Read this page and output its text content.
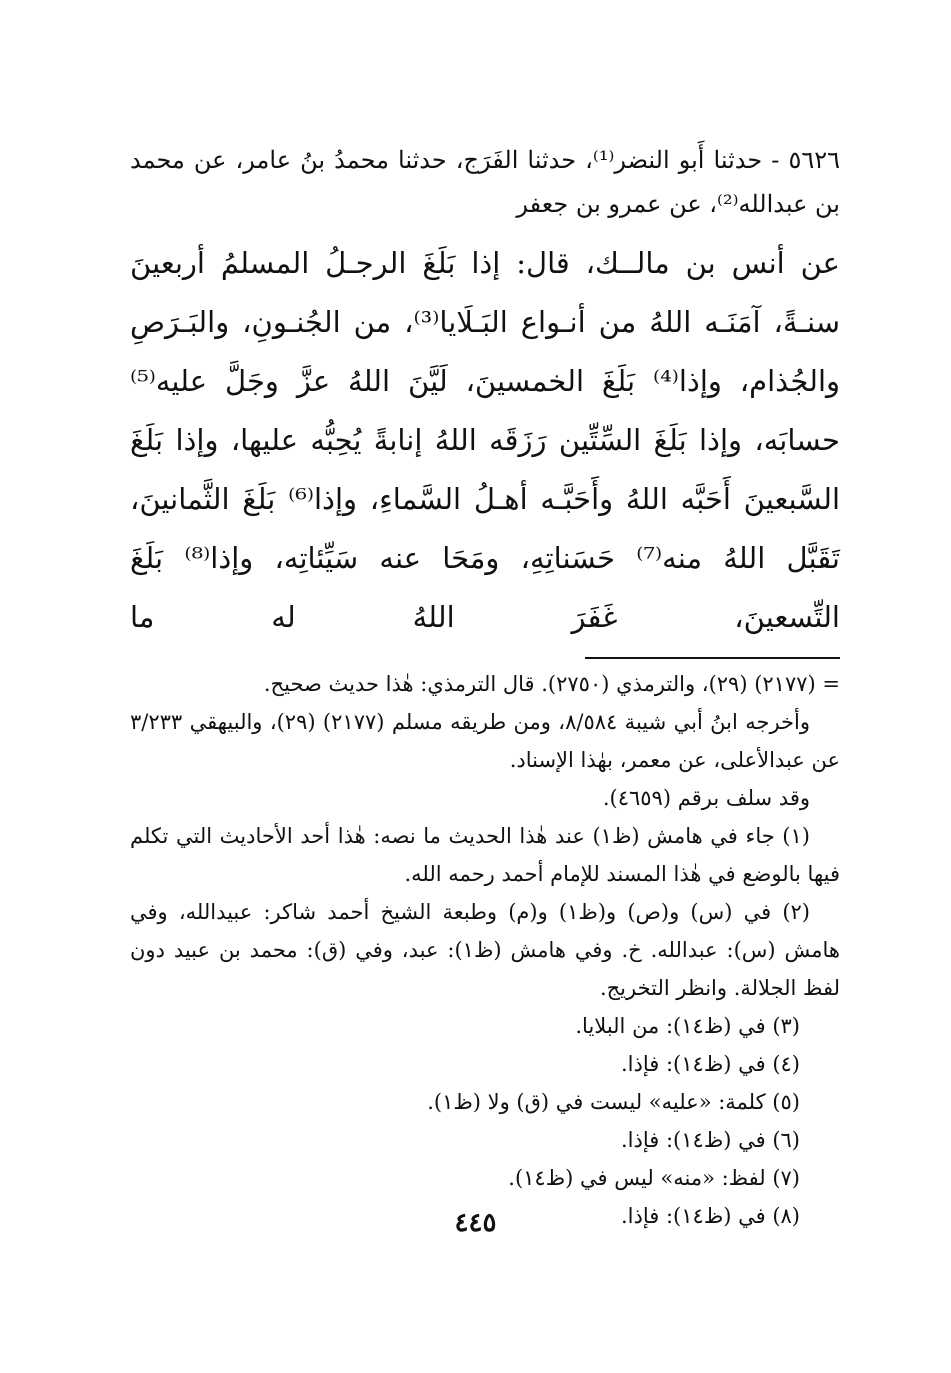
٥٦٢٦ - حدثنا أَبو النضر⁽¹⁾، حدثنا الفَرَج، حدثنا محمدُ بنُ عامر، عن محمد بن عبدالله⁽²⁾، عن عمرو بن جعفر

عن أنس بن مالــك، قال: إذا بَلَغَ الرجـلُ المسلمُ أربعينَ سنـةً، آمَنَـه اللهُ من أنـواع البَـلَايا⁽³⁾، من الجُنـونِ، والبَـرَصِ والجُذام، وإذا⁽⁴⁾ بَلَغَ الخمسينَ، لَيَّنَ اللهُ عزَّ وجَلَّ عليه⁽⁵⁾ حسابَه، وإذا بَلَغَ السِّتِّين رَزَقَه اللهُ إنابةً يُحِبُّه عليها، وإذا بَلَغَ السَّبعينَ أَحَبَّه اللهُ وأَحَبَّـه أهـلُ السَّماءِ، وإذا⁽⁶⁾ بَلَغَ الثَّمانينَ، تَقَبَّل اللهُ منه⁽⁷⁾ حَسَناتِهِ، ومَحَا عنه سَيِّئاتِه، وإذا⁽⁸⁾ بَلَغَ التِّسعينَ، غَفَرَ اللهُ له ما

= (٢١٧٧) (٢٩)، والترمذي (٢٧٥٠). قال الترمذي: هٰذا حديث صحيح.

وأخرجه ابنُ أبي شيبة ٨/٥٨٤، ومن طريقه مسلم (٢١٧٧) (٢٩)، والبيهقي ٣/٢٣٣ عن عبدالأعلى، عن معمر، بهٰذا الإسناد.

وقد سلف برقم (٤٦٥٩).

(١) جاء في هامش (ظ١) عند هٰذا الحديث ما نصه: هٰذا أحد الأحاديث التي تكلم فيها بالوضع في هٰذا المسند للإمام أحمد رحمه الله.

(٢) في (س) و(ص) و(ظ١) و(م) وطبعة الشيخ أحمد شاكر: عبيدالله، وفي هامش (س): عبدالله. خ. وفي هامش (ظ١): عبد، وفي (ق): محمد بن عبيد دون لفظ الجلالة. وانظر التخريج.

(٣) في (ظ١٤): من البلايا.

(٤) في (ظ١٤): فإذا.

(٥) كلمة: «عليه» ليست في (ق) ولا (ظ١).

(٦) في (ظ١٤): فإذا.

(٧) لفظ: «منه» ليس في (ظ١٤).

(٨) في (ظ١٤): فإذا.

٤٤٥
